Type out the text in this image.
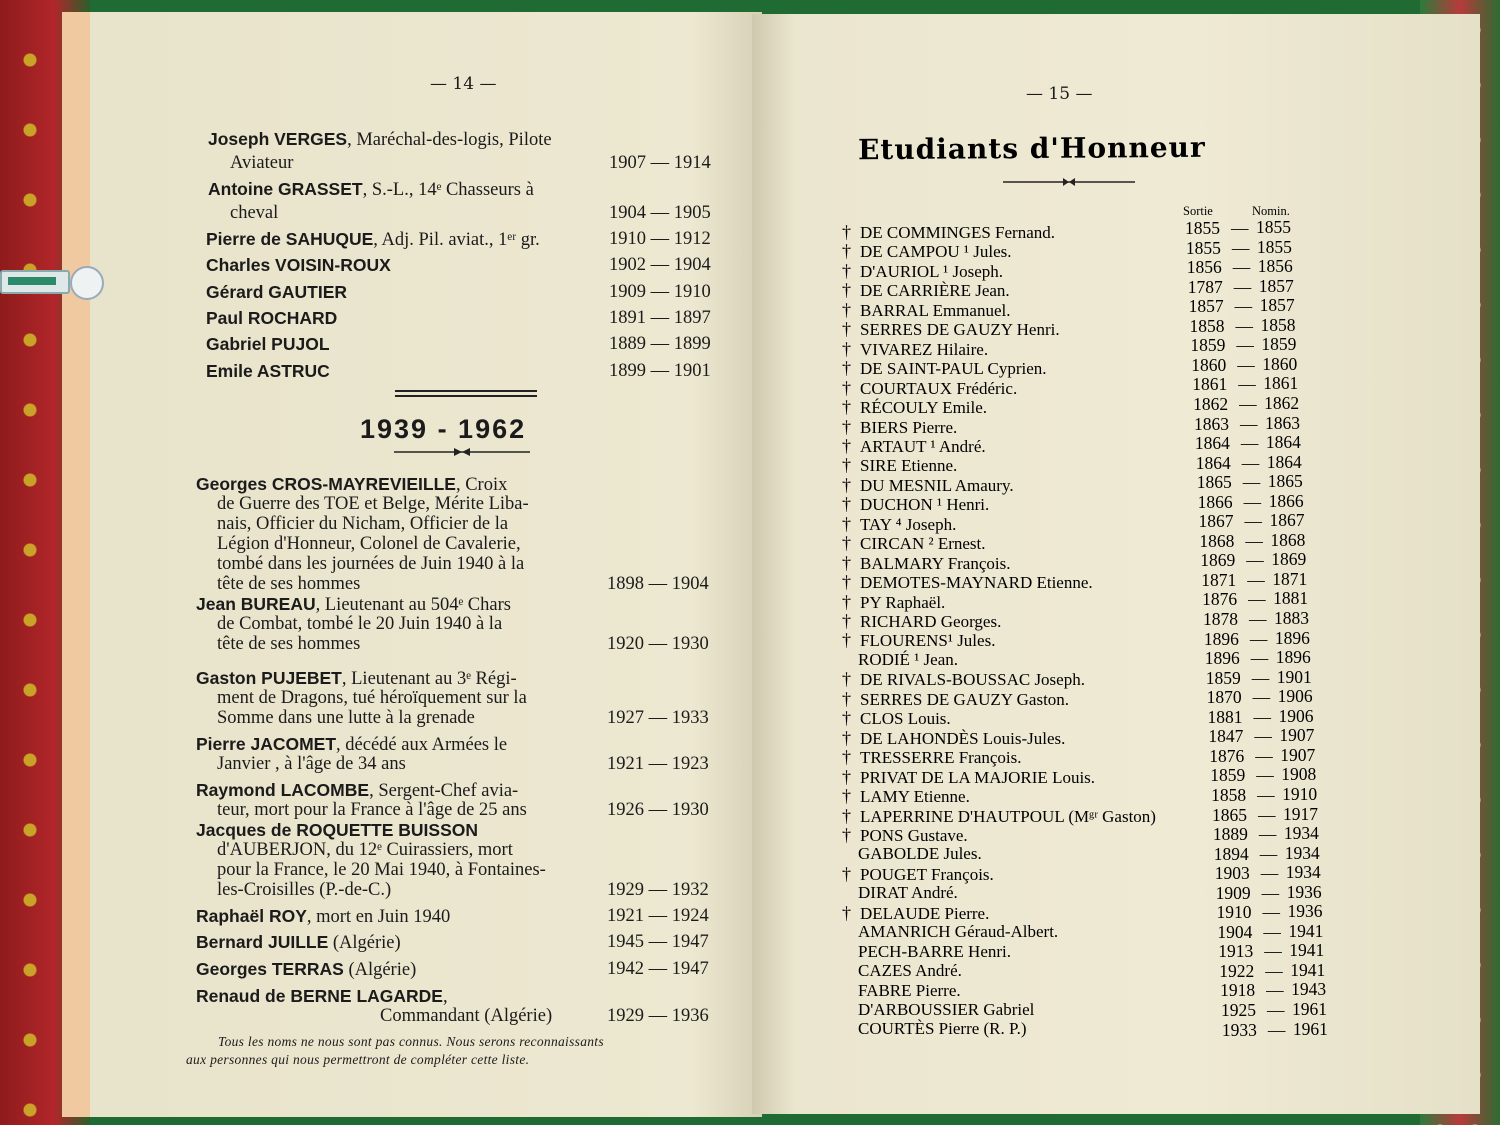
— 14 —
Joseph VERGES, Maréchal-des-logis, Pilote
Aviateur	1907 — 1914
Antoine GRASSET, S.-L., 14ᵉ Chasseurs à
cheval	1904 — 1905
Pierre de SAHUQUE, Adj. Pil. aviat., 1ᵉʳ gr.	1910 — 1912
Charles VOISIN-ROUX	1902 — 1904
Gérard GAUTIER	1909 — 1910
Paul ROCHARD	1891 — 1897
Gabriel PUJOL	1889 — 1899
Emile ASTRUC	1899 — 1901
1939 - 1962
Georges CROS-MAYREVIEILLE, Croix
de Guerre des TOE et Belge, Mérite Liba-
nais, Officier du Nicham, Officier de la
Légion d'Honneur, Colonel de Cavalerie,
tombé dans les journées de Juin 1940 à la
tête de ses hommes	1898 — 1904
Jean BUREAU, Lieutenant au 504ᵉ Chars
de Combat, tombé le 20 Juin 1940 à la
tête de ses hommes	1920 — 1930
Gaston PUJEBET, Lieutenant au 3ᵉ Régi-
ment de Dragons, tué héroïquement sur la
Somme dans une lutte à la grenade	1927 — 1933
Pierre JACOMET, décédé aux Armées le
Janvier , à l'âge de 34 ans	1921 — 1923
Raymond LACOMBE, Sergent-Chef avia-
teur, mort pour la France à l'âge de 25 ans	1926 — 1930
Jacques de ROQUETTE BUISSON
d'AUBERJON, du 12ᵉ Cuirassiers, mort
pour la France, le 20 Mai 1940, à Fontaines-
les-Croisilles (P.-de-C.)	1929 — 1932
Raphaël ROY, mort en Juin 1940	1921 — 1924
Bernard JUILLE (Algérie)	1945 — 1947
Georges TERRAS (Algérie)	1942 — 1947
Renaud de BERNE LAGARDE,
Commandant (Algérie)	1929 — 1936
Tous les noms ne nous sont pas connus. Nous serons reconnaissants
aux personnes qui nous permettront de compléter cette liste.
— 15 —
Etudiants d'Honneur
Sortie	Nomin.
† DE COMMINGES Fernand.	1855 — 1855
† DE CAMPOU ¹ Jules.	1855 — 1855
† D'AURIOL ¹ Joseph.	1856 — 1856
† DE CARRIÈRE Jean.	1787 — 1857
† BARRAL Emmanuel.	1857 — 1857
† SERRES DE GAUZY Henri.	1858 — 1858
† VIVAREZ Hilaire.	1859 — 1859
† DE SAINT-PAUL Cyprien.	1860 — 1860
† COURTAUX Frédéric.	1861 — 1861
† RÉCOULY Emile.	1862 — 1862
† BIERS Pierre.	1863 — 1863
† ARTAUT ¹ André.	1864 — 1864
† SIRE Etienne.	1864 — 1864
† DU MESNIL Amaury.	1865 — 1865
† DUCHON ¹ Henri.	1866 — 1866
† TAY ⁴ Joseph.	1867 — 1867
† CIRCAN ² Ernest.	1868 — 1868
† BALMARY François.	1869 — 1869
† DEMOTES-MAYNARD Etienne.	1871 — 1871
† PY Raphaël.	1876 — 1881
† RICHARD Georges.	1878 — 1883
† FLOURENS¹ Jules.	1896 — 1896
RODIÉ ¹ Jean.	1896 — 1896
† DE RIVALS-BOUSSAC Joseph.	1859 — 1901
† SERRES DE GAUZY Gaston.	1870 — 1906
† CLOS Louis.	1881 — 1906
† DE LAHONDÈS Louis-Jules.	1847 — 1907
† TRESSERRE François.	1876 — 1907
† PRIVAT DE LA MAJORIE Louis.	1859 — 1908
† LAMY Etienne.	1858 — 1910
† LAPERRINE D'HAUTPOUL (Mᵍʳ Gaston)	1865 — 1917
† PONS Gustave.	1889 — 1934
GABOLDE Jules.	1894 — 1934
† POUGET François.	1903 — 1934
DIRAT André.	1909 — 1936
† DELAUDE Pierre.	1910 — 1936
AMANRICH Géraud-Albert.	1904 — 1941
PECH-BARRE Henri.	1913 — 1941
CAZES André.	1922 — 1941
FABRE Pierre.	1918 — 1943
D'ARBOUSSIER Gabriel	1925 — 1961
COURTÈS Pierre (R. P.)	1933 — 1961
